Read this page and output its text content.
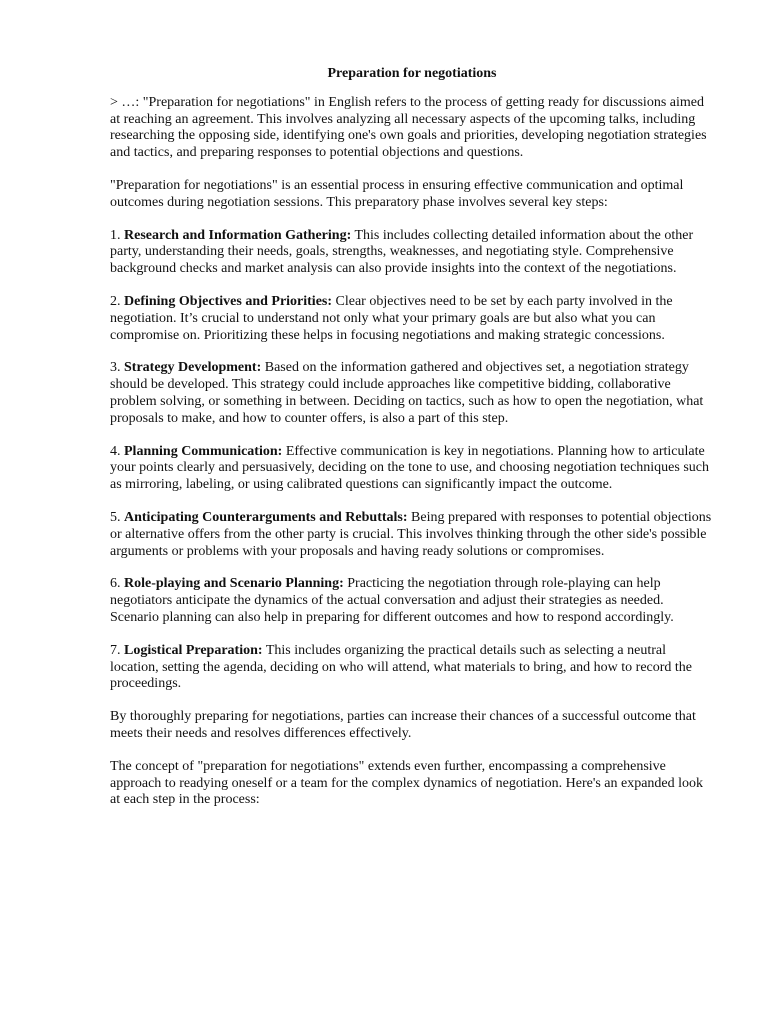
Preparation for negotiations

> …: "Preparation for negotiations" in English refers to the process of getting ready for discussions aimed at reaching an agreement. This involves analyzing all necessary aspects of the upcoming talks, including researching the opposing side, identifying one's own goals and priorities, developing negotiation strategies and tactics, and preparing responses to potential objections and questions.

"Preparation for negotiations" is an essential process in ensuring effective communication and optimal outcomes during negotiation sessions. This preparatory phase involves several key steps:

1. Research and Information Gathering: This includes collecting detailed information about the other party, understanding their needs, goals, strengths, weaknesses, and negotiating style. Comprehensive background checks and market analysis can also provide insights into the context of the negotiations.

2. Defining Objectives and Priorities: Clear objectives need to be set by each party involved in the negotiation. It’s crucial to understand not only what your primary goals are but also what you can compromise on. Prioritizing these helps in focusing negotiations and making strategic concessions.

3. Strategy Development: Based on the information gathered and objectives set, a negotiation strategy should be developed. This strategy could include approaches like competitive bidding, collaborative problem solving, or something in between. Deciding on tactics, such as how to open the negotiation, what proposals to make, and how to counter offers, is also a part of this step.

4. Planning Communication: Effective communication is key in negotiations. Planning how to articulate your points clearly and persuasively, deciding on the tone to use, and choosing negotiation techniques such as mirroring, labeling, or using calibrated questions can significantly impact the outcome.

5. Anticipating Counterarguments and Rebuttals: Being prepared with responses to potential objections or alternative offers from the other party is crucial. This involves thinking through the other side's possible arguments or problems with your proposals and having ready solutions or compromises.

6. Role-playing and Scenario Planning: Practicing the negotiation through role-playing can help negotiators anticipate the dynamics of the actual conversation and adjust their strategies as needed. Scenario planning can also help in preparing for different outcomes and how to respond accordingly.

7. Logistical Preparation: This includes organizing the practical details such as selecting a neutral location, setting the agenda, deciding on who will attend, what materials to bring, and how to record the proceedings.

By thoroughly preparing for negotiations, parties can increase their chances of a successful outcome that meets their needs and resolves differences effectively.

The concept of "preparation for negotiations" extends even further, encompassing a comprehensive approach to readying oneself or a team for the complex dynamics of negotiation. Here's an expanded look at each step in the process:
